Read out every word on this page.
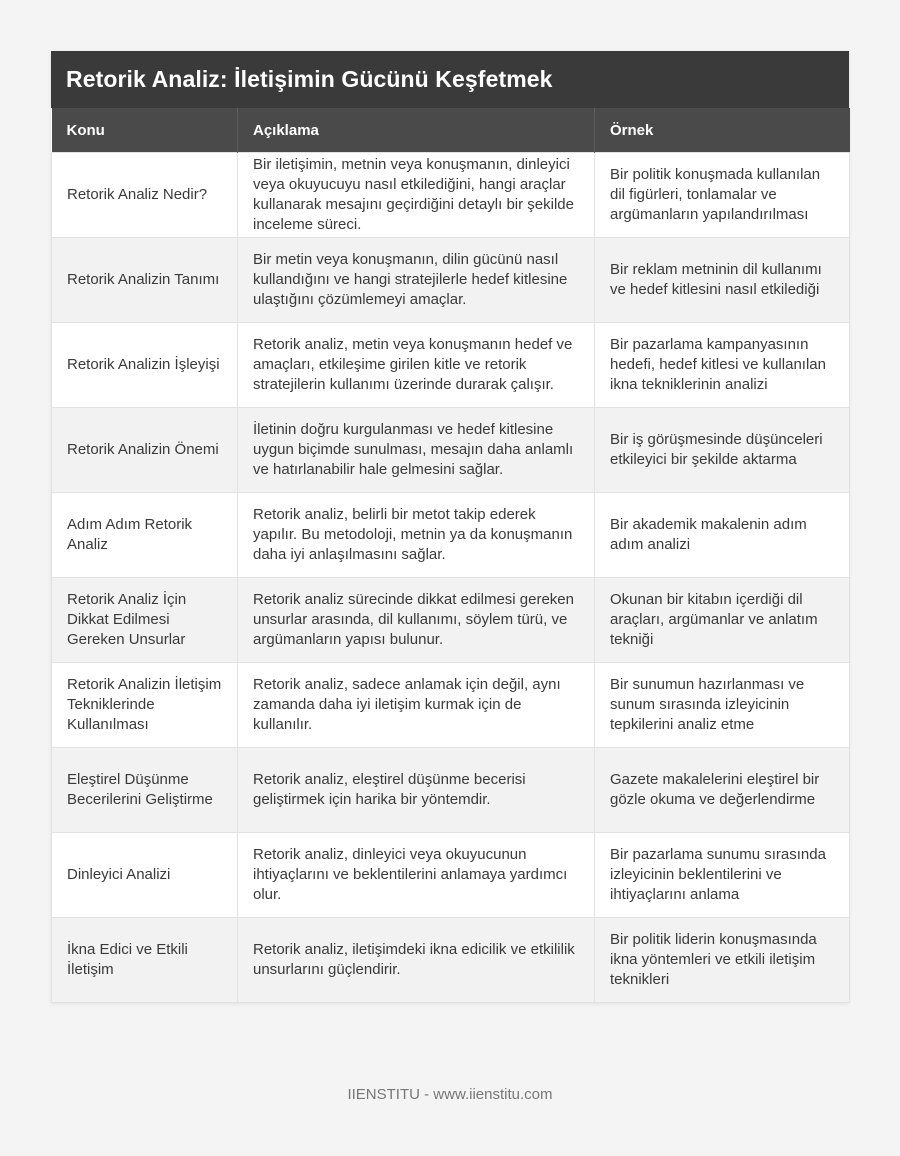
Retorik Analiz: İletişimin Gücünü Keşfetmek
Konu	Açıklama	Örnek
Retorik Analiz Nedir?	Bir iletişimin, metnin veya konuşmanın, dinleyici veya okuyucuyu nasıl etkilediğini, hangi araçlar kullanarak mesajını geçirdiğini detaylı bir şekilde inceleme süreci.	Bir politik konuşmada kullanılan dil figürleri, tonlamalar ve argümanların yapılandırılması
Retorik Analizin Tanımı	Bir metin veya konuşmanın, dilin gücünü nasıl kullandığını ve hangi stratejilerle hedef kitlesine ulaştığını çözümlemeyi amaçlar.	Bir reklam metninin dil kullanımı ve hedef kitlesini nasıl etkilediği
Retorik Analizin İşleyişi	Retorik analiz, metin veya konuşmanın hedef ve amaçları, etkileşime girilen kitle ve retorik stratejilerin kullanımı üzerinde durarak çalışır.	Bir pazarlama kampanyasının hedefi, hedef kitlesi ve kullanılan ikna tekniklerinin analizi
Retorik Analizin Önemi	İletinin doğru kurgulanması ve hedef kitlesine uygun biçimde sunulması, mesajın daha anlamlı ve hatırlanabilir hale gelmesini sağlar.	Bir iş görüşmesinde düşünceleri etkileyici bir şekilde aktarma
Adım Adım Retorik Analiz	Retorik analiz, belirli bir metot takip ederek yapılır. Bu metodoloji, metnin ya da konuşmanın daha iyi anlaşılmasını sağlar.	Bir akademik makalenin adım adım analizi
Retorik Analiz İçin Dikkat Edilmesi Gereken Unsurlar	Retorik analiz sürecinde dikkat edilmesi gereken unsurlar arasında, dil kullanımı, söylem türü, ve argümanların yapısı bulunur.	Okunan bir kitabın içerdiği dil araçları, argümanlar ve anlatım tekniği
Retorik Analizin İletişim Tekniklerinde Kullanılması	Retorik analiz, sadece anlamak için değil, aynı zamanda daha iyi iletişim kurmak için de kullanılır.	Bir sunumun hazırlanması ve sunum sırasında izleyicinin tepkilerini analiz etme
Eleştirel Düşünme Becerilerini Geliştirme	Retorik analiz, eleştirel düşünme becerisi geliştirmek için harika bir yöntemdir.	Gazete makalelerini eleştirel bir gözle okuma ve değerlendirme
Dinleyici Analizi	Retorik analiz, dinleyici veya okuyucunun ihtiyaçlarını ve beklentilerini anlamaya yardımcı olur.	Bir pazarlama sunumu sırasında izleyicinin beklentilerini ve ihtiyaçlarını anlama
İkna Edici ve Etkili İletişim	Retorik analiz, iletişimdeki ikna edicilik ve etkililik unsurlarını güçlendirir.	Bir politik liderin konuşmasında ikna yöntemleri ve etkili iletişim teknikleri
IIENSTITU - www.iienstitu.com
